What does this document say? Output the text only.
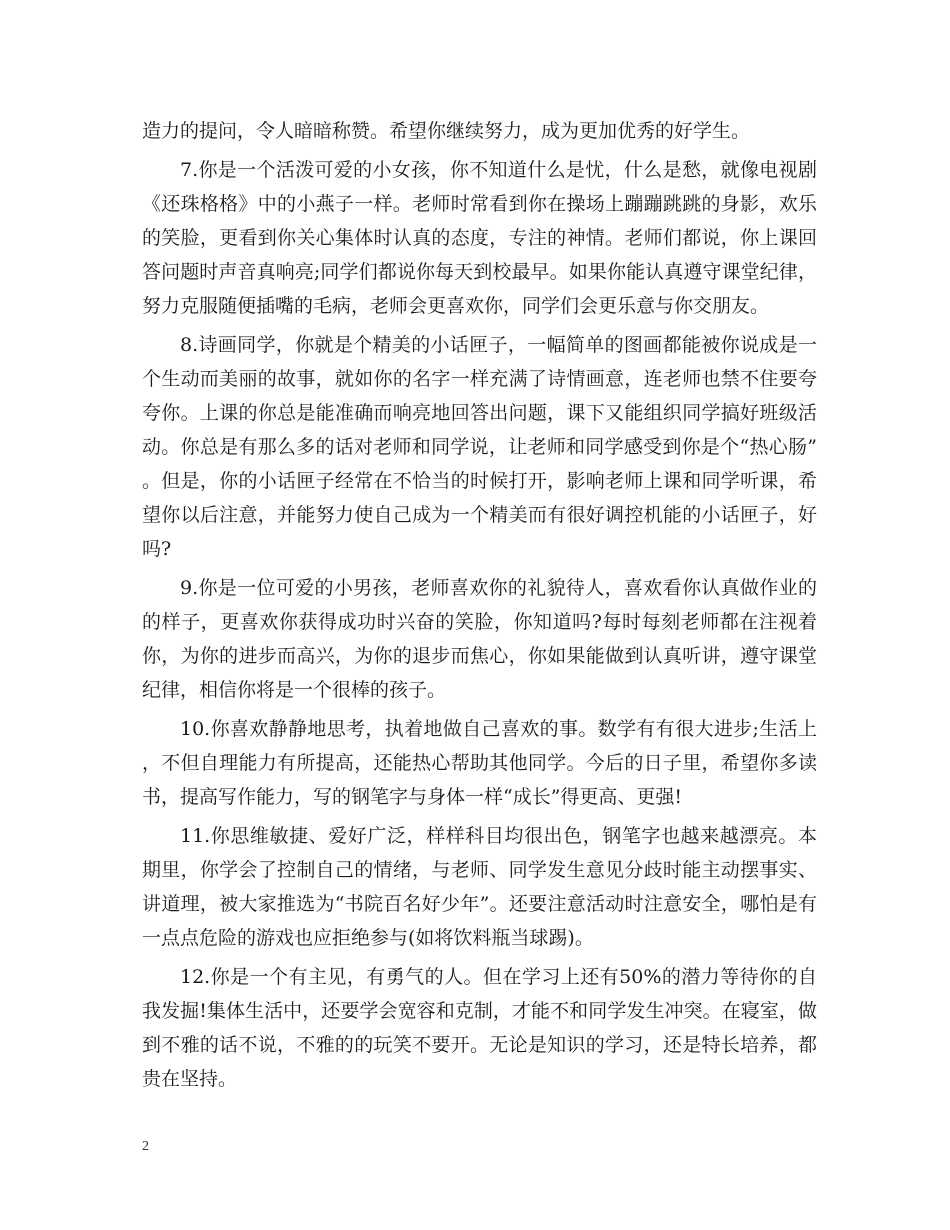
造力的提问，令人暗暗称赞。希望你继续努力，成为更加优秀的好学生。

7.你是一个活泼可爱的小女孩，你不知道什么是忧，什么是愁，就像电视剧《还珠格格》中的小燕子一样。老师时常看到你在操场上蹦蹦跳跳的身影，欢乐的笑脸，更看到你关心集体时认真的态度，专注的神情。老师们都说，你上课回答问题时声音真响亮;同学们都说你每天到校最早。如果你能认真遵守课堂纪律，努力克服随便插嘴的毛病，老师会更喜欢你，同学们会更乐意与你交朋友。

8.诗画同学，你就是个精美的小话匣子，一幅简单的图画都能被你说成是一个生动而美丽的故事，就如你的名字一样充满了诗情画意，连老师也禁不住要夸夸你。上课的你总是能准确而响亮地回答出问题，课下又能组织同学搞好班级活动。你总是有那么多的话对老师和同学说，让老师和同学感受到你是个“热心肠”。但是，你的小话匣子经常在不恰当的时候打开，影响老师上课和同学听课，希望你以后注意，并能努力使自己成为一个精美而有很好调控机能的小话匣子，好吗?

9.你是一位可爱的小男孩，老师喜欢你的礼貌待人，喜欢看你认真做作业的的样子，更喜欢你获得成功时兴奋的笑脸，你知道吗?每时每刻老师都在注视着你，为你的进步而高兴，为你的退步而焦心，你如果能做到认真听讲，遵守课堂纪律，相信你将是一个很棒的孩子。

10.你喜欢静静地思考，执着地做自己喜欢的事。数学有有很大进步;生活上，不但自理能力有所提高，还能热心帮助其他同学。今后的日子里，希望你多读书，提高写作能力，写的钢笔字与身体一样“成长”得更高、更强!

11.你思维敏捷、爱好广泛，样样科目均很出色，钢笔字也越来越漂亮。本期里，你学会了控制自己的情绪，与老师、同学发生意见分歧时能主动摆事实、讲道理，被大家推选为“书院百名好少年”。还要注意活动时注意安全，哪怕是有一点点危险的游戏也应拒绝参与(如将饮料瓶当球踢)。

12.你是一个有主见，有勇气的人。但在学习上还有50%的潜力等待你的自我发掘!集体生活中，还要学会宽容和克制，才能不和同学发生冲突。在寝室，做到不雅的话不说，不雅的的玩笑不要开。无论是知识的学习，还是特长培养，都贵在坚持。

2
